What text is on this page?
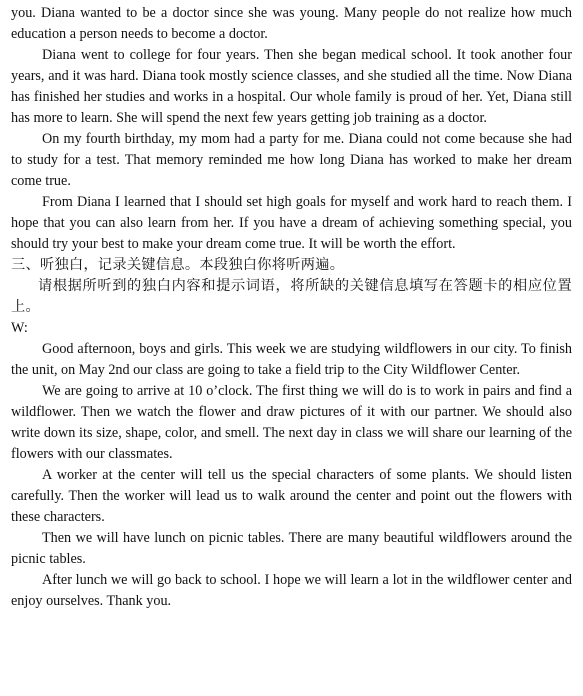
you. Diana wanted to be a doctor since she was young. Many people do not realize how much education a person needs to become a doctor.

Diana went to college for four years. Then she began medical school. It took another four years, and it was hard. Diana took mostly science classes, and she studied all the time. Now Diana has finished her studies and works in a hospital. Our whole family is proud of her. Yet, Diana still has more to learn. She will spend the next few years getting job training as a doctor.

On my fourth birthday, my mom had a party for me. Diana could not come because she had to study for a test. That memory reminded me how long Diana has worked to make her dream come true.

From Diana I learned that I should set high goals for myself and work hard to reach them. I hope that you can also learn from her. If you have a dream of achieving something special, you should try your best to make your dream come true. It will be worth the effort.

三、听独白，记录关键信息。本段独白你将听两遍。

请根据所听到的独白内容和提示词语，将所缺的关键信息填写在答题卡的相应位置上。

W:

Good afternoon, boys and girls. This week we are studying wildflowers in our city. To finish the unit, on May 2nd our class are going to take a field trip to the City Wildflower Center.

We are going to arrive at 10 o’clock. The first thing we will do is to work in pairs and find a wildflower. Then we watch the flower and draw pictures of it with our partner. We should also write down its size, shape, color, and smell. The next day in class we will share our learning of the flowers with our classmates.

A worker at the center will tell us the special characters of some plants. We should listen carefully. Then the worker will lead us to walk around the center and point out the flowers with these characters.

Then we will have lunch on picnic tables. There are many beautiful wildflowers around the picnic tables.

After lunch we will go back to school. I hope we will learn a lot in the wildflower center and enjoy ourselves. Thank you.
